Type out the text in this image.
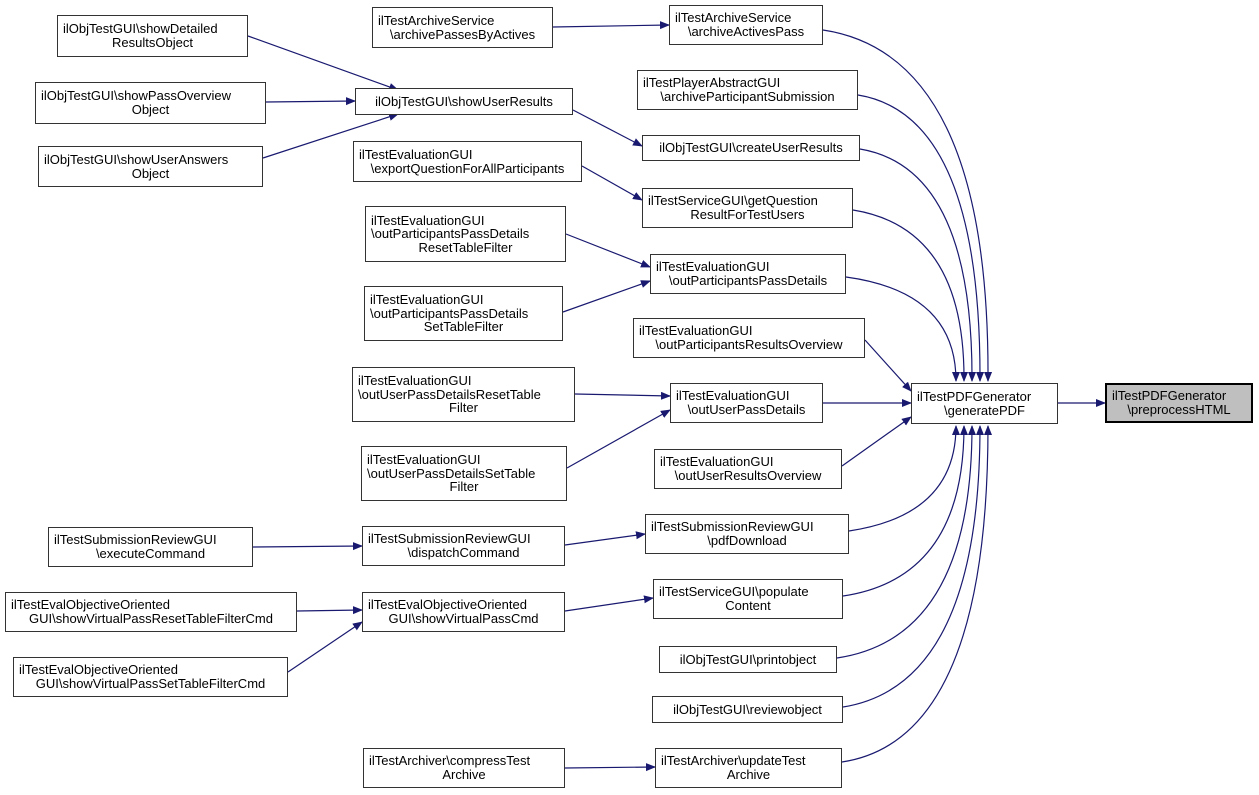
ilObjTestGUI\showDetailed
ResultsObject
ilObjTestGUI\showPassOverview
Object
ilObjTestGUI\showUserAnswers
Object
ilTestSubmissionReviewGUI
\executeCommand
ilTestEvalObjectiveOriented
GUI\showVirtualPassResetTableFilterCmd
ilTestEvalObjectiveOriented
GUI\showVirtualPassSetTableFilterCmd
ilTestArchiveService
\archivePassesByActives
ilObjTestGUI\showUserResults
ilTestEvaluationGUI
\exportQuestionForAllParticipants
ilTestEvaluationGUI
\outParticipantsPassDetails
ResetTableFilter
ilTestEvaluationGUI
\outParticipantsPassDetails
SetTableFilter
ilTestEvaluationGUI
\outUserPassDetailsResetTable
Filter
ilTestEvaluationGUI
\outUserPassDetailsSetTable
Filter
ilTestSubmissionReviewGUI
\dispatchCommand
ilTestEvalObjectiveOriented
GUI\showVirtualPassCmd
ilTestArchiver\compressTest
Archive
ilTestArchiveService
\archiveActivesPass
ilTestPlayerAbstractGUI
\archiveParticipantSubmission
ilObjTestGUI\createUserResults
ilTestServiceGUI\getQuestion
ResultForTestUsers
ilTestEvaluationGUI
\outParticipantsPassDetails
ilTestEvaluationGUI
\outParticipantsResultsOverview
ilTestEvaluationGUI
\outUserPassDetails
ilTestEvaluationGUI
\outUserResultsOverview
ilTestSubmissionReviewGUI
\pdfDownload
ilTestServiceGUI\populate
Content
ilObjTestGUI\printobject
ilObjTestGUI\reviewobject
ilTestArchiver\updateTest
Archive
ilTestPDFGenerator
\generatePDF
ilTestPDFGenerator
\preprocessHTML
